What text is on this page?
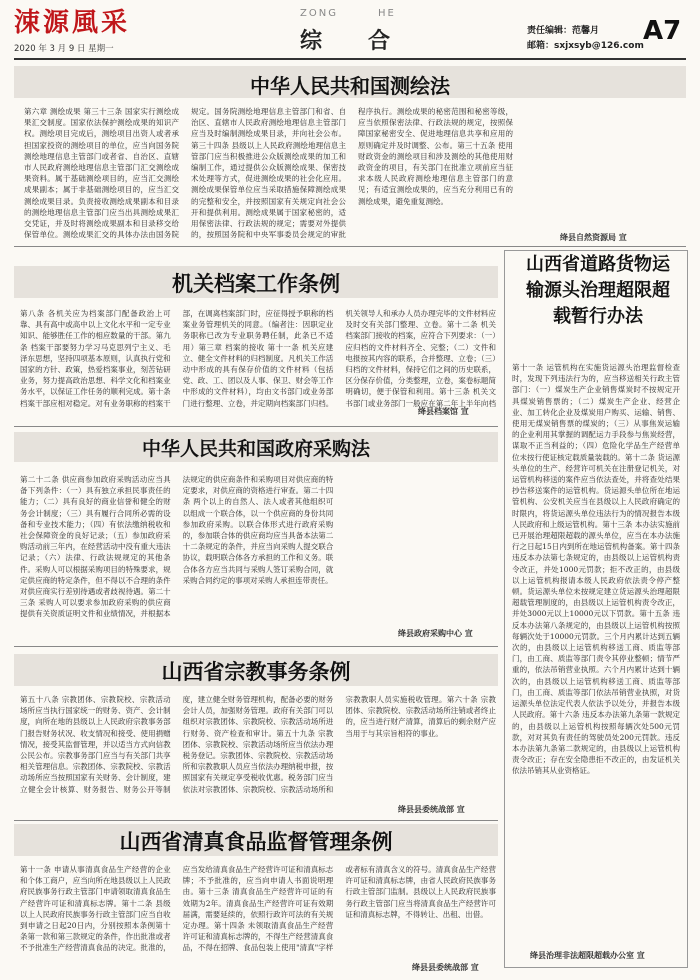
涑源風采
2020 年 3 月 9 日 星期一
ZONG	HE
综合	责任编辑：范馨月
邮箱：sxjxsyb@126.com A7
中华人民共和国测绘法
第六章 测绘成果 第三十三条 国家实行测绘成果汇交制度。国家依法保护测绘成果的知识产权。测绘项目完成后，测绘项目出资人或者承担国家投资的测绘项目的单位，应当向国务院测绘地理信息主管部门或者省、自治区、直辖市人民政府测绘地理信息主管部门汇交测绘成果资料。属于基础测绘项目的，应当汇交测绘成果副本；属于非基础测绘项目的，应当汇交测绘成果目录。负责接收测绘成果副本和目录的测绘地理信息主管部门应当出具测绘成果汇交凭证，并及时将测绘成果副本和目录移交给保管单位。测绘成果汇交的具体办法由国务院规定。国务院测绘地理信息主管部门和省、自治区、直辖市人民政府测绘地理信息主管部门应当及时编制测绘成果目录，并向社会公布。第三十四条 县级以上人民政府测绘地理信息主管部门应当积极推进公众版测绘成果的加工和编制工作，通过提供公众版测绘成果、保密技术处理等方式，促进测绘成果的社会化应用。测绘成果保管单位应当采取措施保障测绘成果的完整和安全，并按照国家有关规定向社会公开和提供利用。测绘成果属于国家秘密的，适用保密法律、行政法规的规定；需要对外提供的，按照国务院和中央军事委员会规定的审批程序执行。测绘成果的秘密范围和秘密等级，应当依照保密法律、行政法规的规定，按照保障国家秘密安全、促进地理信息共享和应用的原则确定并及时调整、公布。第三十五条 使用财政资金的测绘项目和涉及测绘的其他使用财政资金的项目，有关部门在批准立项前应当征求本级人民政府测绘地理信息主管部门的意见；有适宜测绘成果的，应当充分利用已有的测绘成果，避免重复测绘。
绛县自然资源局 宣
机关档案工作条例
第八条 各机关应为档案部门配备政治上可靠、具有高中或高中以上文化水平和一定专业知识、能够胜任工作的相应数量的干部。第九条 档案干部要努力学习马克思列宁主义、毛泽东思想，坚持四项基本原则，认真执行党和国家的方针、政策，热爱档案事业，刻苦钻研业务，努力提高政治思想、科学文化和档案业务水平，以保证工作任务的顺利完成。第十条 档案干部应相对稳定。对有业务职称的档案干部，在调离档案部门时，应征得授予职称的档案业务管理机关的同意。（编者注：因职定业务职称已改为专业职务聘任制，此条已不适用）第三章 档案的接收 第十一条 机关应建立、健全文件材料的归档制度。凡机关工作活动中形成的具有保存价值的文件材料（包括党、政、工、团以及人事、保卫、财会等工作中形成的文件材料），均由文书部门或业务部门进行整理、立卷，并定期向档案部门归档。机关领导人和承办人员办理完毕的文件材料应及时交有关部门整理、立卷。第十二条 机关档案部门接收的档案，应符合下列要求：（一）应归档的文件材料齐全、完整；（二）文件和电报按其内容的联系，合并整理、立卷；（三）归档的文件材料，保持它们之间的历史联系，区分保存价值，分类整理，立卷，案卷标题简明确切，便于保管和利用。第十三条 机关文书部门或业务部门一般应在第二年上半年向档
绛县档案馆 宣
中华人民共和国政府采购法
第二十二条 供应商参加政府采购活动应当具备下列条件：（一）具有独立承担民事责任的能力；（二）具有良好的商业信誉和健全的财务会计制度；（三）具有履行合同所必需的设备和专业技术能力；（四）有依法缴纳税收和社会保障资金的良好记录；（五）参加政府采购活动前三年内，在经营活动中没有重大违法记录；（六）法律、行政法规规定的其他条件。采购人可以根据采购项目的特殊要求，规定供应商的特定条件，但不得以不合理的条件对供应商实行差别待遇或者歧视待遇。第二十三条 采购人可以要求参加政府采购的供应商提供有关资质证明文件和业绩情况，并根据本法规定的供应商条件和采购项目对供应商的特定要求，对供应商的资格进行审查。第二十四条 两个以上的自然人、法人或者其他组织可以组成一个联合体，以一个供应商的身份共同参加政府采购。以联合体形式进行政府采购的，参加联合体的供应商均应当具备本法第二十二条规定的条件，并应当向采购人提交联合协议，载明联合体各方承担的工作和义务。联合体各方应当共同与采购人签订采购合同，就采购合同约定的事项对采购人承担连带责任。
绛县政府采购中心 宣
山西省宗教事务条例
第五十八条 宗教团体、宗教院校、宗教活动场所应当执行国家统一的财务、资产、会计制度，向所在地的县级以上人民政府宗教事务部门报告财务状况、收支情况和接受、使用捐赠情况，接受其监督管理，并以适当方式向信教公民公布。宗教事务部门应当与有关部门共享相关管理信息。宗教团体、宗教院校、宗教活动场所应当按照国家有关财务、会计制度，建立健全会计核算、财务报告、财务公开等制度，建立健全财务管理机构，配备必要的财务会计人员，加强财务管理。政府有关部门可以组织对宗教团体、宗教院校、宗教活动场所进行财务、资产检查和审计。第五十九条 宗教团体、宗教院校、宗教活动场所应当依法办理税务登记。宗教团体、宗教院校、宗教活动场所和宗教教职人员应当依法办理纳税申报，按照国家有关规定享受税收优惠。税务部门应当依法对宗教团体、宗教院校、宗教活动场所和宗教教职人员实施税收管理。第六十条 宗教团体、宗教院校、宗教活动场所注销或者终止的，应当进行财产清算，清算后的剩余财产应当用于与其宗旨相符的事业。
绛县县委统战部 宣
山西省清真食品监督管理条例
第十一条 申请从事清真食品生产经营的企业和个体工商户，应当向所在地县级以上人民政府民族事务行政主管部门申请领取清真食品生产经营许可证和清真标志牌。第十二条 县级以上人民政府民族事务行政主管部门应当自收到申请之日起20日内，分别按照本条例第十条第一款和第三款规定的条件，作出批准或者不予批准生产经营清真食品的决定。批准的，应当发给清真食品生产经营许可证和清真标志牌；不予批准的，应当向申请人书面说明理由。第十三条 清真食品生产经营许可证的有效期为2年。清真食品生产经营许可证有效期届满，需要延续的，依照行政许可法的有关规定办理。第十四条 未领取清真食品生产经营许可证和清真标志牌的，不得生产经营清真食品，不得在招牌、食品包装上使用"清真"字样或者标有清真含义的符号。清真食品生产经营许可证和清真标志牌，由省人民政府民族事务行政主管部门监制。县级以上人民政府民族事务行政主管部门应当将清真食品生产经营许可证和清真标志牌，不得转让、出租、出借。
绛县县委统战部 宣
山西省道路货物运输源头治理超限超载暂行办法
第十一条 运管机构在实施货运源头治理监督检查时，发现下列违法行为的，应当移送相关行政主管部门：（一）煤炭生产企业销售煤炭时不按规定开具煤炭销售票的；（二）煤炭生产企业、经营企业、加工转化企业及煤炭用户购买、运输、销售、使用无煤炭销售票的煤炭的；（三）从事焦炭运输的企业利用其掌握的调配运力手段参与焦炭经营，谋取不正当利益的；（四）危险化学品生产经营单位未按行使证核定载质量装载的。第十二条 货运源头单位的生产、经营许可机关在注册登记机关，对运管机构移送的案件应当依法查处，并将查处结果抄告移送案件的运管机构。货运源头单位所在地运管机构、公安机关应当在县级以上人民政府确定的时限内，将货运源头单位违法行为的情况报告本级人民政府和上级运管机构。第十三条 本办法实施前已开展治理超限超载的源头单位，应当在本办法施行之日起15日内到所在地运管机构备案。第十四条 违反本办法第七条规定的，由县级以上运管机构责令改正，并处1000元罚款；拒不改正的，由县级以上运管机构报请本级人民政府依法责令停产整顿。货运源头单位未按规定建立货运源头治理超限超载管理制度的，由县级以上运管机构责令改正，并处3000元以上10000元以下罚款。第十五条 违反本办法第八条规定的，由县级以上运管机构按照每辆次处于10000元罚款。三个月内累计达到五辆次的，由县级以上运管机构移送工商、质监等部门，由工商、质监等部门责令其停业整顿；情节严重的，依法吊销营业执照。六个月内累计达到十辆次的，由县级以上运管机构移送工商、质监等部门，由工商、质监等部门依法吊销营业执照，对货运源头单位法定代表人依法予以处分，并报告本级人民政府。第十六条 违反本办法第九条第一款规定的，由县级以上运管机构按照每辆次处500元罚款，对对其负有责任的驾驶员处200元罚款。违反本办法第九条第二款规定的，由县级以上运管机构责令改正；存在安全隐患拒不改正的，由发证机关依法吊销其从业资格证。
绛县治理非法超限超载办公室 宣
